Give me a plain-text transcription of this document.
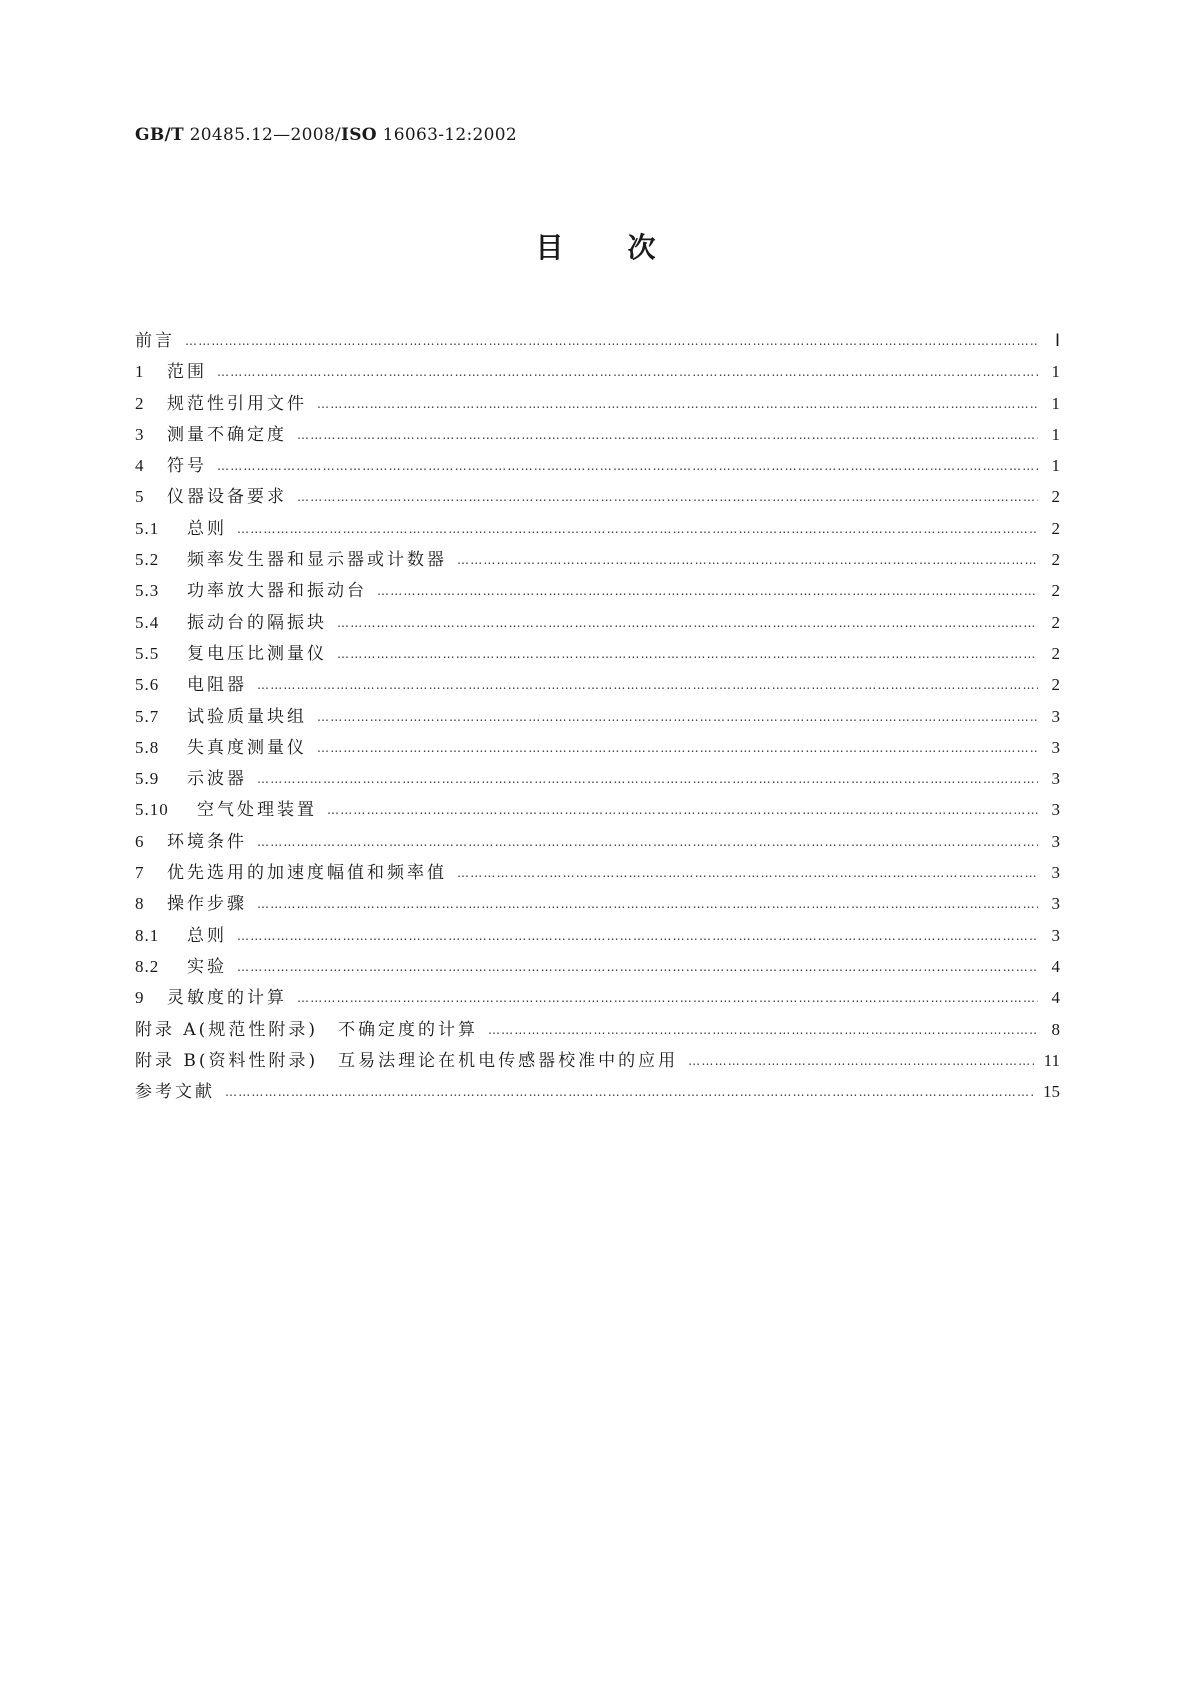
GB/T 20485.12—2008/ISO 16063-12:2002
目次
前言 ……………………………………………………………………………………………………………………………………………………………………………………………………………………………………………	Ⅰ
1	范围 ……………………………………………………………………………………………………………………………………………………………………………………………………………………………………………	1
2	规范性引用文件 ……………………………………………………………………………………………………………………………………………………………………………………………………………………………………………	1
3	测量不确定度 ……………………………………………………………………………………………………………………………………………………………………………………………………………………………………………	1
4	符号 ……………………………………………………………………………………………………………………………………………………………………………………………………………………………………………	1
5	仪器设备要求 ……………………………………………………………………………………………………………………………………………………………………………………………………………………………………………	2
5.1	总则 ……………………………………………………………………………………………………………………………………………………………………………………………………………………………………………	2
5.2	频率发生器和显示器或计数器 ……………………………………………………………………………………………………………………………………………………………………………………………………………………………………………	2
5.3	功率放大器和振动台 ……………………………………………………………………………………………………………………………………………………………………………………………………………………………………………	2
5.4	振动台的隔振块 ……………………………………………………………………………………………………………………………………………………………………………………………………………………………………………	2
5.5	复电压比测量仪 ……………………………………………………………………………………………………………………………………………………………………………………………………………………………………………	2
5.6	电阻器 ……………………………………………………………………………………………………………………………………………………………………………………………………………………………………………	2
5.7	试验质量块组 ……………………………………………………………………………………………………………………………………………………………………………………………………………………………………………	3
5.8	失真度测量仪 ……………………………………………………………………………………………………………………………………………………………………………………………………………………………………………	3
5.9	示波器 ……………………………………………………………………………………………………………………………………………………………………………………………………………………………………………	3
5.10	空气处理装置 ……………………………………………………………………………………………………………………………………………………………………………………………………………………………………………	3
6	环境条件 ……………………………………………………………………………………………………………………………………………………………………………………………………………………………………………	3
7	优先选用的加速度幅值和频率值 ……………………………………………………………………………………………………………………………………………………………………………………………………………………………………………	3
8	操作步骤 ……………………………………………………………………………………………………………………………………………………………………………………………………………………………………………	3
8.1	总则 ……………………………………………………………………………………………………………………………………………………………………………………………………………………………………………	3
8.2	实验 ……………………………………………………………………………………………………………………………………………………………………………………………………………………………………………	4
9	灵敏度的计算 ……………………………………………………………………………………………………………………………………………………………………………………………………………………………………………	4
附录 A(规范性附录)　不确定度的计算 ……………………………………………………………………………………………………………………………………………………………………………………………………………………………………………	8
附录 B(资料性附录)　互易法理论在机电传感器校准中的应用 ……………………………………………………………………………………………………………………………………………………………………………………………………………………………………………	11
参考文献 ……………………………………………………………………………………………………………………………………………………………………………………………………………………………………………	15
